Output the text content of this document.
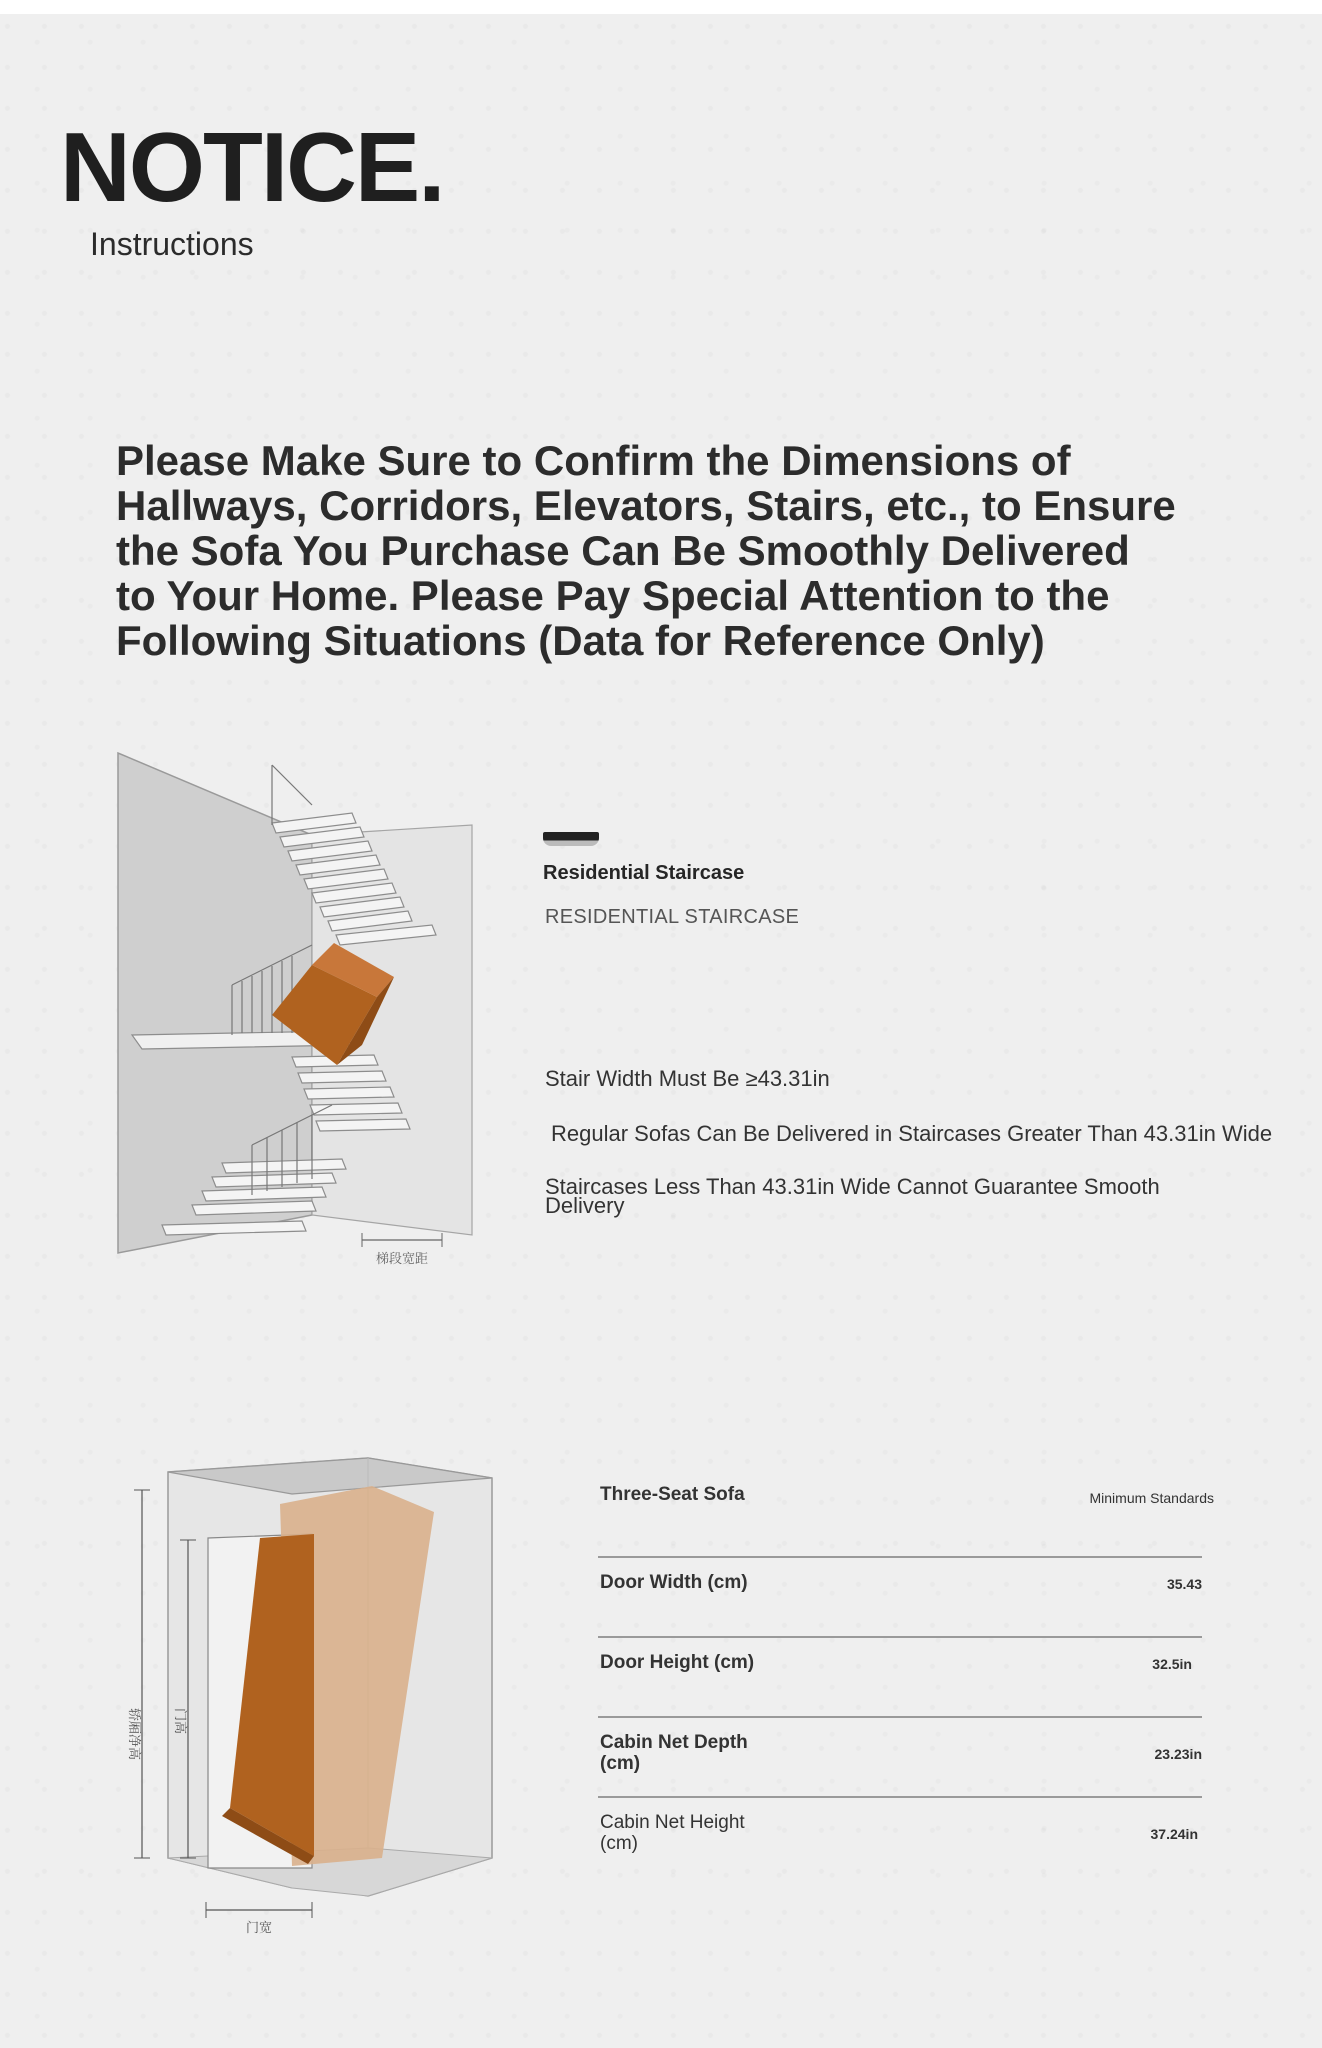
NOTICE.
Instructions
Please Make Sure to Confirm the Dimensions of Hallways, Corridors, Elevators, Stairs, etc., to Ensure the Sofa You Purchase Can Be Smoothly Delivered to Your Home. Please Pay Special Attention to the Following Situations (Data for Reference Only)
梯段宽距
Residential Staircase
RESIDENTIAL STAIRCASE
Stair Width Must Be ≥43.31in
Regular Sofas Can Be Delivered in Staircases Greater Than 43.31in Wide
Staircases Less Than 43.31in Wide Cannot Guarantee Smooth Delivery
轿厢净高 门高
门宽
Three-Seat Sofa	Minimum Standards
Door Width (cm)	35.43
Door Height (cm)	32.5in
Cabin Net Depth (cm)	23.23in
Cabin Net Height (cm)	37.24in
